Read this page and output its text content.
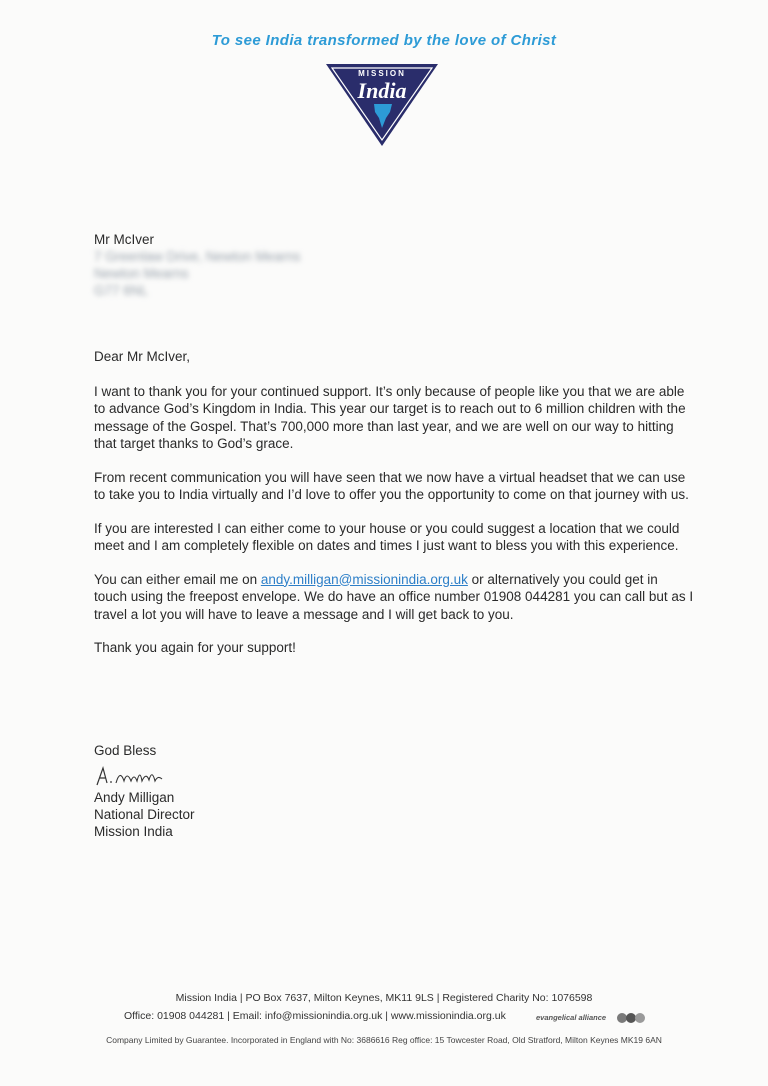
To see India transformed by the love of Christ
MISSION
India
Mr McIver
7 Greenlaw Drive, Newton Mearns
Newton Mearns
G77 6NL

Dear Mr McIver,

I want to thank you for your continued support. It’s only because of people like you that we are able to advance God’s Kingdom in India. This year our target is to reach out to 6 million children with the message of the Gospel. That’s 700,000 more than last year, and we are well on our way to hitting that target thanks to God’s grace.

From recent communication you will have seen that we now have a virtual headset that we can use to take you to India virtually and I’d love to offer you the opportunity to come on that journey with us.

If you are interested I can either come to your house or you could suggest a location that we could meet and I am completely flexible on dates and times I just want to bless you with this experience.

You can either email me on andy.milligan@missionindia.org.uk or alternatively you could get in touch using the freepost envelope. We do have an office number 01908 044281 you can call but as I travel a lot you will have to leave a message and I will get back to you.

Thank you again for your support!

God Bless
Andy Milligan
National Director
Mission India
Mission India | PO Box 7637, Milton Keynes, MK11 9LS | Registered Charity No: 1076598
Office: 01908 044281 | Email: info@missionindia.org.uk | www.missionindia.org.uk	evangelical alliance
Company Limited by Guarantee. Incorporated in England with No: 3686616 Reg office: 15 Towcester Road, Old Stratford, Milton Keynes MK19 6AN
